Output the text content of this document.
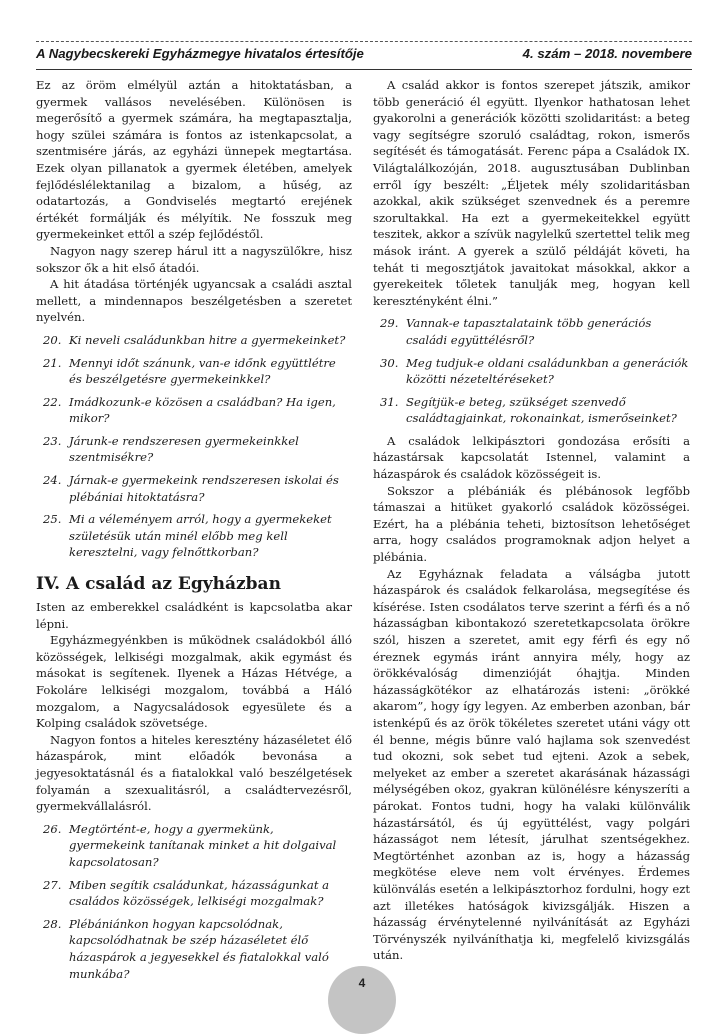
A Nagybecskereki Egyházmegye hivatalos értesítője	4. szám – 2018. novembere

Ez az öröm elmélyül aztán a hitoktatásban, a gyermek vallásos nevelésében. Különösen is megerősítő a gyermek számára, ha megtapasztalja, hogy szülei számára is fontos az istenkapcsolat, a szentmisére járás, az egyházi ünnepek megtartása. Ezek olyan pillanatok a gyermek életében, amelyek fejlődéslélektanilag a bizalom, a hűség, az odatartozás, a Gondviselés megtartó erejének értékét formálják és mélyítik. Ne fosszuk meg gyermekeinket ettől a szép fejlődéstől.

Nagyon nagy szerep hárul itt a nagyszülőkre, hisz sokszor ők a hit első átadói.

A hit átadása történjék ugyancsak a családi asztal mellett, a mindennapos beszélgetésben a szeretet nyelvén.

20. Ki neveli családunkban hitre a gyermekeinket?
21. Mennyi időt szánunk, van-e időnk együttlétre és beszélgetésre gyermekeinkkel?
22. Imádkozunk-e közösen a családban? Ha igen, mikor?
23. Járunk-e rendszeresen gyermekeinkkel szentmisékre?
24. Járnak-e gyermekeink rendszeresen iskolai és plébániai hitoktatásra?
25. Mi a véleményem arról, hogy a gyermekeket születésük után minél előbb meg kell keresztelni, vagy felnőttkorban?
IV. A család az Egyházban

Isten az emberekkel családként is kapcsolatba akar lépni.

Egyházmegyénkben is működnek családokból álló közösségek, lelkiségi mozgalmak, akik egymást és másokat is segítenek. Ilyenek a Házas Hétvége, a Fokoláre lelkiségi mozgalom, továbbá a Háló mozgalom, a Nagycsaládosok egyesülete és a Kolping családok szövetsége.

Nagyon fontos a hiteles keresztény házaséletet élő házaspárok, mint előadók bevonása a jegyesoktatásnál és a fiatalokkal való beszélgetések folyamán a szexualitásról, a családtervezésről, gyermekvállalásról.

26. Megtörtént-e, hogy a gyermekünk, gyermekeink tanítanak minket a hit dolgaival kapcsolatosan?
27. Miben segítik családunkat, házasságunkat a családos közösségek, lelkiségi mozgalmak?
28. Plébániánkon hogyan kapcsolódnak, kapcsolódhatnak be szép házaséletet élő házaspárok a jegyesekkel és fiatalokkal való munkába?

A család akkor is fontos szerepet játszik, amikor több generáció él együtt. Ilyenkor hathatosan lehet gyakorolni a generációk közötti szolidaritást: a beteg vagy segítségre szoruló családtag, rokon, ismerős segítését és támogatását. Ferenc pápa a Családok IX. Világtalálkozóján, 2018. augusztusában Dublinban erről így beszélt: „Éljetek mély szolidaritásban azokkal, akik szükséget szenvednek és a peremre szorultakkal. Ha ezt a gyermekeitekkel együtt teszitek, akkor a szívük nagylelkű szertettel telik meg mások iránt. A gyerek a szülő példáját követi, ha tehát ti megosztjátok javaitokat másokkal, akkor a gyerekeitek tőletek tanulják meg, hogyan kell keresztényként élni.”

29. Vannak-e tapasztalataink több generációs családi együttélésről?
30. Meg tudjuk-e oldani családunkban a generációk közötti nézeteltéréseket?
31. Segítjük-e beteg, szükséget szenvedő családtagjainkat, rokonainkat, ismerőseinket?

A családok lelkipásztori gondozása erősíti a házastársak kapcsolatát Istennel, valamint a házaspárok és családok közösségeit is.

Sokszor a plébániák és plébánosok legfőbb támaszai a hitüket gyakorló családok közösségei. Ezért, ha a plébánia teheti, biztosítson lehetőséget arra, hogy családos programoknak adjon helyet a plébánia.

Az Egyháznak feladata a válságba jutott házaspárok és családok felkarolása, megsegítése és kísérése. Isten csodálatos terve szerint a férfi és a nő házasságban kibontakozó szeretetkapcsolata örökre szól, hiszen a szeretet, amit egy férfi és egy nő éreznek egymás iránt annyira mély, hogy az örökkévalóság dimenzióját óhajtja. Minden házasságkötékor az elhatározás isteni: „örökké akarom”, hogy így legyen. Az emberben azonban, bár istenképű és az örök tökéletes szeretet utáni vágy ott él benne, mégis bűnre való hajlama sok szenvedést tud okozni, sok sebet tud ejteni. Azok a sebek, melyeket az ember a szeretet akarásának házassági mélységében okoz, gyakran különélésre kényszeríti a párokat. Fontos tudni, hogy ha valaki különválik házastársától, és új együttélést, vagy polgári házasságot nem létesít, járulhat szentségekhez. Megtörténhet azonban az is, hogy a házasság megkötése eleve nem volt érvényes. Érdemes különválás esetén a lelkipásztorhoz fordulni, hogy ezt azt illetékes hatóságok kivizsgálják. Hiszen a házasság érvénytelenné nyilvánítását az Egyházi Törvényszék nyilváníthatja ki, megfelelő kivizsgálás után.

4
